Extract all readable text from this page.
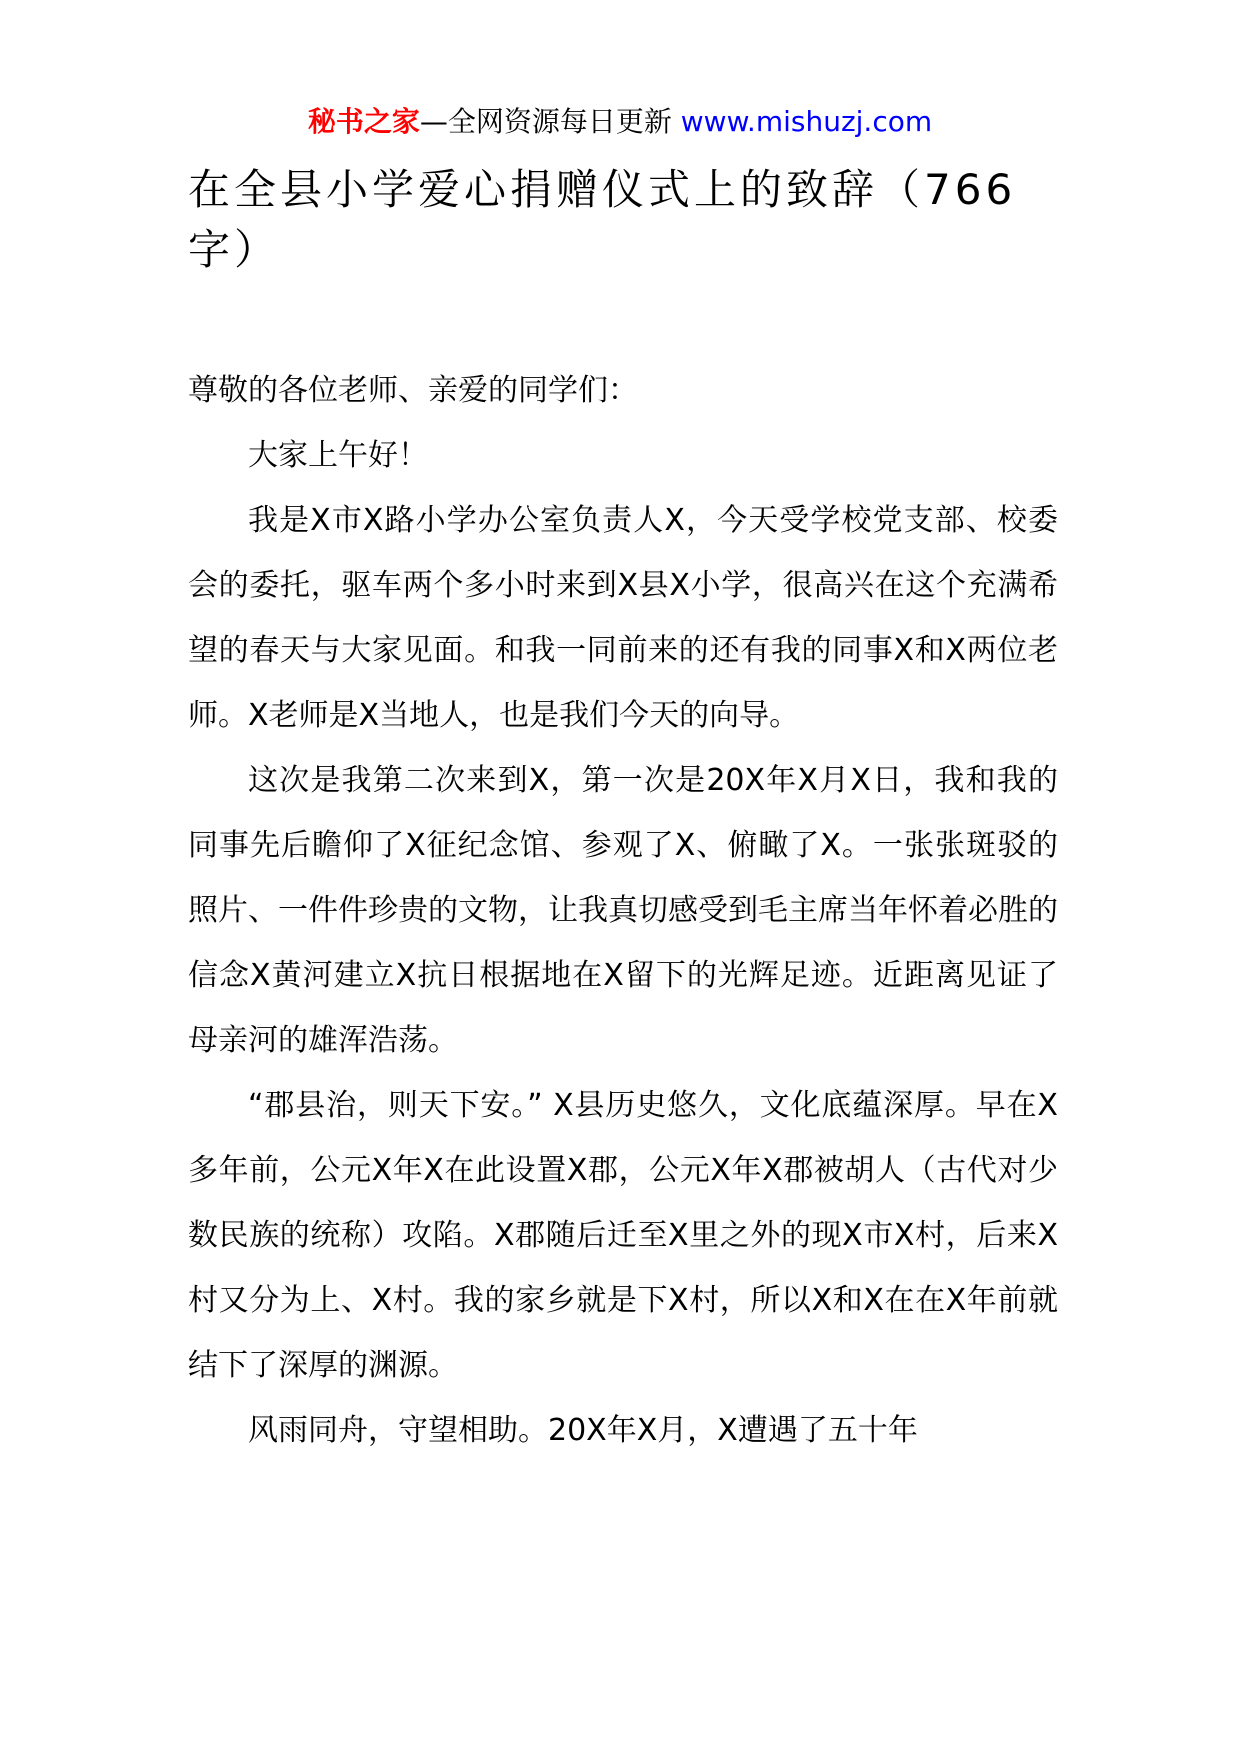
秘书之家—全网资源每日更新 www.mishuzj.com
在全县小学爱心捐赠仪式上的致辞（766字）

尊敬的各位老师、亲爱的同学们：

大家上午好！

我是X市X路小学办公室负责人X，今天受学校党支部、校委会的委托，驱车两个多小时来到X县X小学，很高兴在这个充满希望的春天与大家见面。和我一同前来的还有我的同事X和X两位老师。X老师是X当地人，也是我们今天的向导。

这次是我第二次来到X，第一次是20X年X月X日，我和我的同事先后瞻仰了X征纪念馆、参观了X、俯瞰了X。一张张斑驳的照片、一件件珍贵的文物，让我真切感受到毛主席当年怀着必胜的信念X黄河建立X抗日根据地在X留下的光辉足迹。近距离见证了母亲河的雄浑浩荡。

“郡县治，则天下安。” X县历史悠久，文化底蕴深厚。早在X多年前，公元X年X在此设置X郡，公元X年X郡被胡人（古代对少数民族的统称）攻陷。X郡随后迁至X里之外的现X市X村，后来X村又分为上、X村。我的家乡就是下X村，所以X和X在在X年前就结下了深厚的渊源。

风雨同舟，守望相助。20X年X月，X遭遇了五十年
